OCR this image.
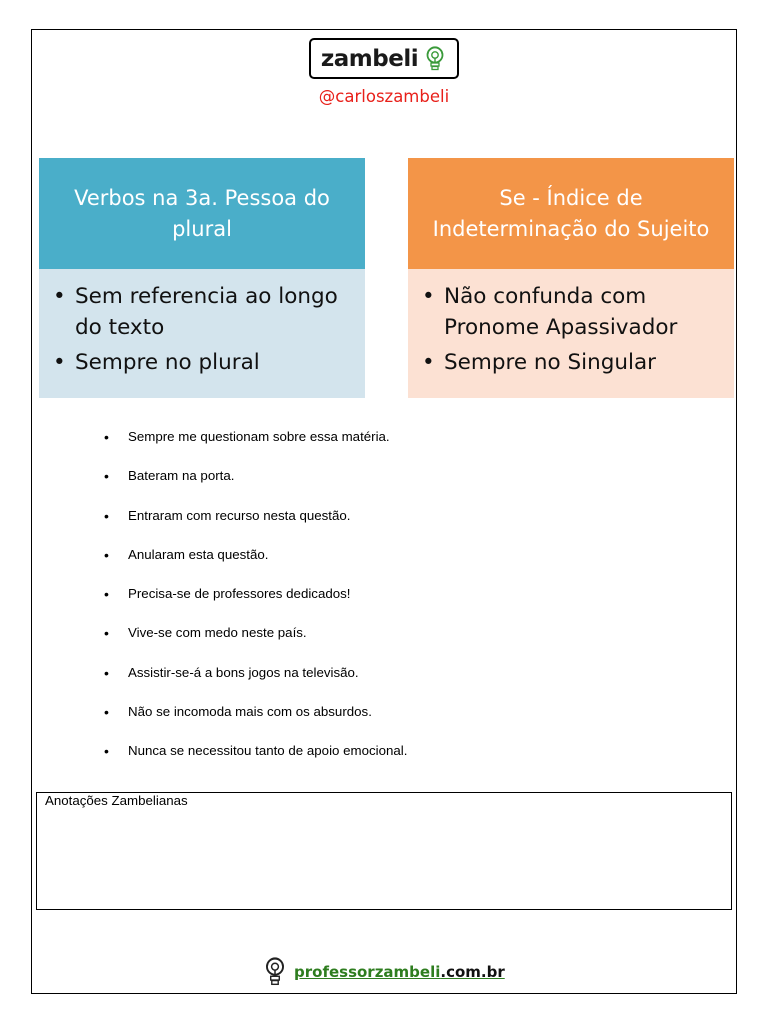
zambeli
@carloszambeli
Verbos na 3a. Pessoa do plural
• Sem referencia ao longo do texto
• Sempre no plural
Se - Índice de Indeterminação do Sujeito
• Não confunda com Pronome Apassivador
• Sempre no Singular
• Sempre me questionam sobre essa matéria.
• Bateram na porta.
• Entraram com recurso nesta questão.
• Anularam esta questão.
• Precisa-se de professores dedicados!
• Vive-se com medo neste país.
• Assistir-se-á a bons jogos na televisão.
• Não se incomoda mais com os absurdos.
• Nunca se necessitou tanto de apoio emocional.
Anotações Zambelianas
professorzambeli.com.br
